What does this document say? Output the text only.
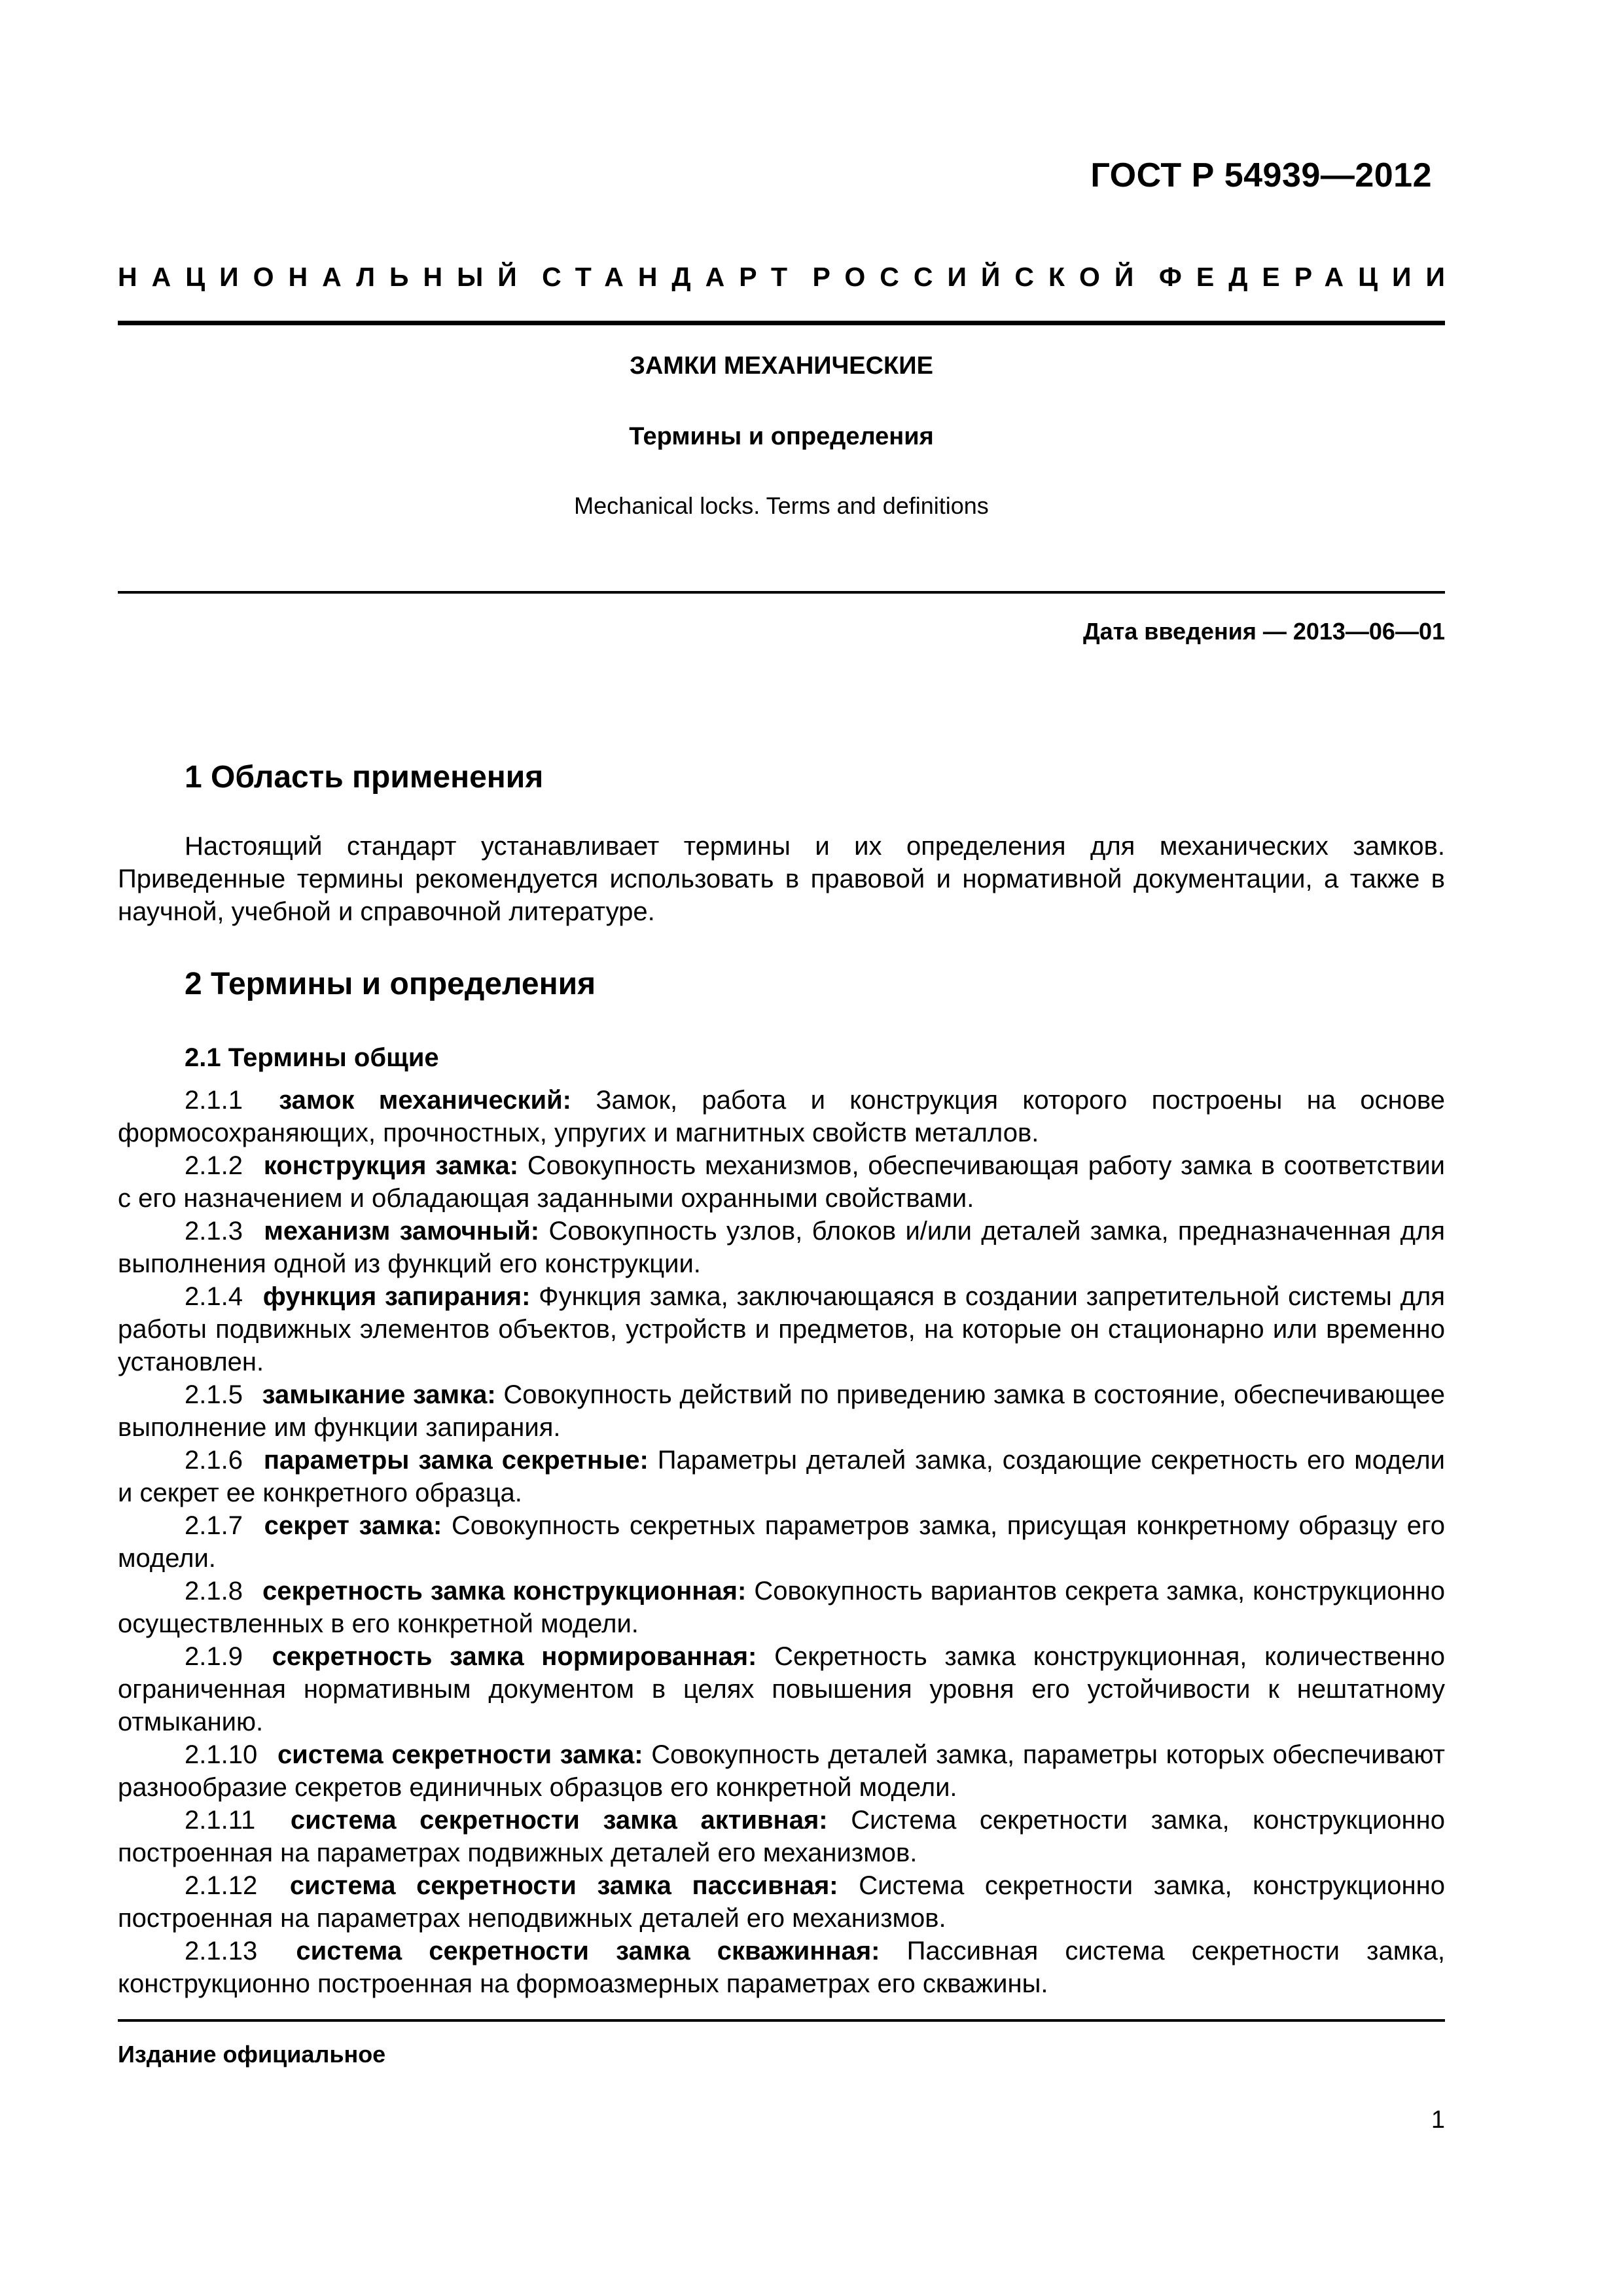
ГОСТ Р 54939—2012
НАЦИОНАЛЬНЫЙ СТАНДАРТ РОССИЙСКОЙ ФЕДЕРАЦИИ
ЗАМКИ МЕХАНИЧЕСКИЕ
Термины и определения
Mechanical locks. Terms and definitions
Дата введения — 2013—06—01
1 Область применения

Настоящий стандарт устанавливает термины и их определения для механических замков. Приведенные термины рекомендуется использовать в правовой и нормативной документации, а также в научной, учебной и справочной литературе.

2 Термины и определения
2.1 Термины общие

2.1.1 замок механический: Замок, работа и конструкция которого построены на основе формосохраняющих, прочностных, упругих и магнитных свойств металлов.

2.1.2 конструкция замка: Совокупность механизмов, обеспечивающая работу замка в соответствии с его назначением и обладающая заданными охранными свойствами.

2.1.3 механизм замочный: Совокупность узлов, блоков и/или деталей замка, предназначенная для выполнения одной из функций его конструкции.

2.1.4 функция запирания: Функция замка, заключающаяся в создании запретительной системы для работы подвижных элементов объектов, устройств и предметов, на которые он стационарно или временно установлен.

2.1.5 замыкание замка: Совокупность действий по приведению замка в состояние, обеспечивающее выполнение им функции запирания.

2.1.6 параметры замка секретные: Параметры деталей замка, создающие секретность его модели и секрет ее конкретного образца.

2.1.7 секрет замка: Совокупность секретных параметров замка, присущая конкретному образцу его модели.

2.1.8 секретность замка конструкционная: Совокупность вариантов секрета замка, конструкционно осуществленных в его конкретной модели.

2.1.9 секретность замка нормированная: Секретность замка конструкционная, количественно ограниченная нормативным документом в целях повышения уровня его устойчивости к нештатному отмыканию.

2.1.10 система секретности замка: Совокупность деталей замка, параметры которых обеспечивают разнообразие секретов единичных образцов его конкретной модели.

2.1.11 система секретности замка активная: Система секретности замка, конструкционно построенная на параметрах подвижных деталей его механизмов.

2.1.12 система секретности замка пассивная: Система секретности замка, конструкционно построенная на параметрах неподвижных деталей его механизмов.

2.1.13 система секретности замка скважинная: Пассивная система секретности замка, конструкционно построенная на формоазмерных параметрах его скважины.

Издание официальное
1
